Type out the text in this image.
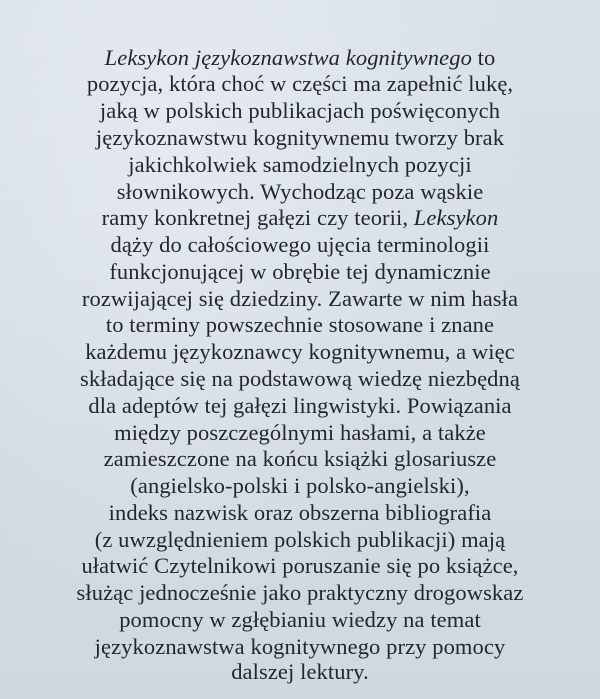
Leksykon językoznawstwa kognitywnego to
pozycja, która choć w części ma zapełnić lukę,
jaką w polskich publikacjach poświęconych
językoznawstwu kognitywnemu tworzy brak
jakichkolwiek samodzielnych pozycji
słownikowych. Wychodząc poza wąskie
ramy konkretnej gałęzi czy teorii, Leksykon
dąży do całościowego ujęcia terminologii
funkcjonującej w obrębie tej dynamicznie
rozwijającej się dziedziny. Zawarte w nim hasła
to terminy powszechnie stosowane i znane
każdemu językoznawcy kognitywnemu, a więc
składające się na podstawową wiedzę niezbędną
dla adeptów tej gałęzi lingwistyki. Powiązania
między poszczególnymi hasłami, a także
zamieszczone na końcu książki glosariusze
(angielsko-polski i polsko-angielski),
indeks nazwisk oraz obszerna bibliografia
(z uwzględnieniem polskich publikacji) mają
ułatwić Czytelnikowi poruszanie się po książce,
służąc jednocześnie jako praktyczny drogowskaz
pomocny w zgłębianiu wiedzy na temat
językoznawstwa kognitywnego przy pomocy
dalszej lektury.
